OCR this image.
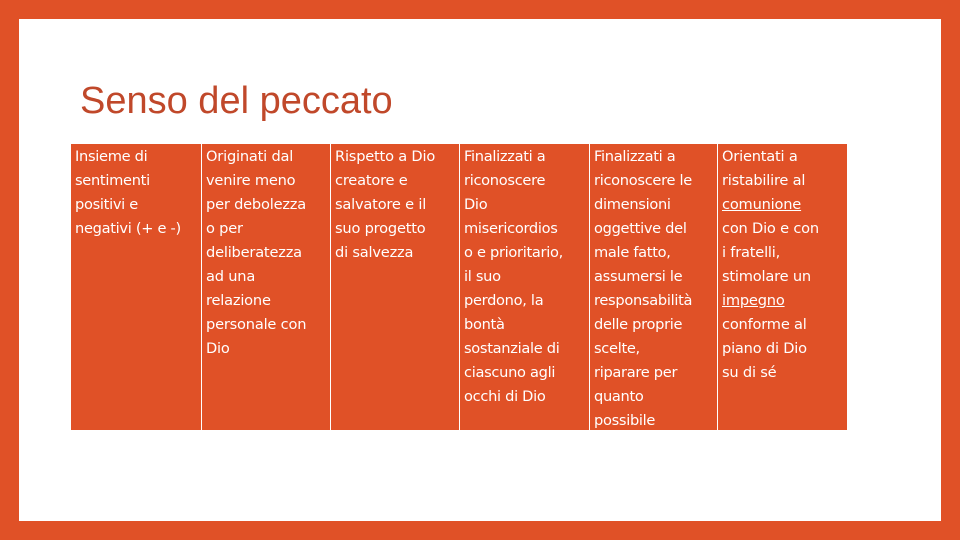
Senso del peccato
Insieme di
sentimenti
positivi e
negativi (+ e -)
Originati dal
venire meno
per debolezza
o per
deliberatezza
ad una
relazione
personale con
Dio
Rispetto a Dio
creatore e
salvatore e il
suo progetto
di salvezza
Finalizzati a
riconoscere
Dio
misericordios
o e prioritario,
il suo
perdono, la
bontà
sostanziale di
ciascuno agli
occhi di Dio
Finalizzati a
riconoscere le
dimensioni
oggettive del
male fatto,
assumersi le
responsabilità
delle proprie
scelte,
riparare per
quanto
possibile
Orientati a
ristabilire al
comunione
con Dio e con
i fratelli,
stimolare un
impegno
conforme al
piano di Dio
su di sé
